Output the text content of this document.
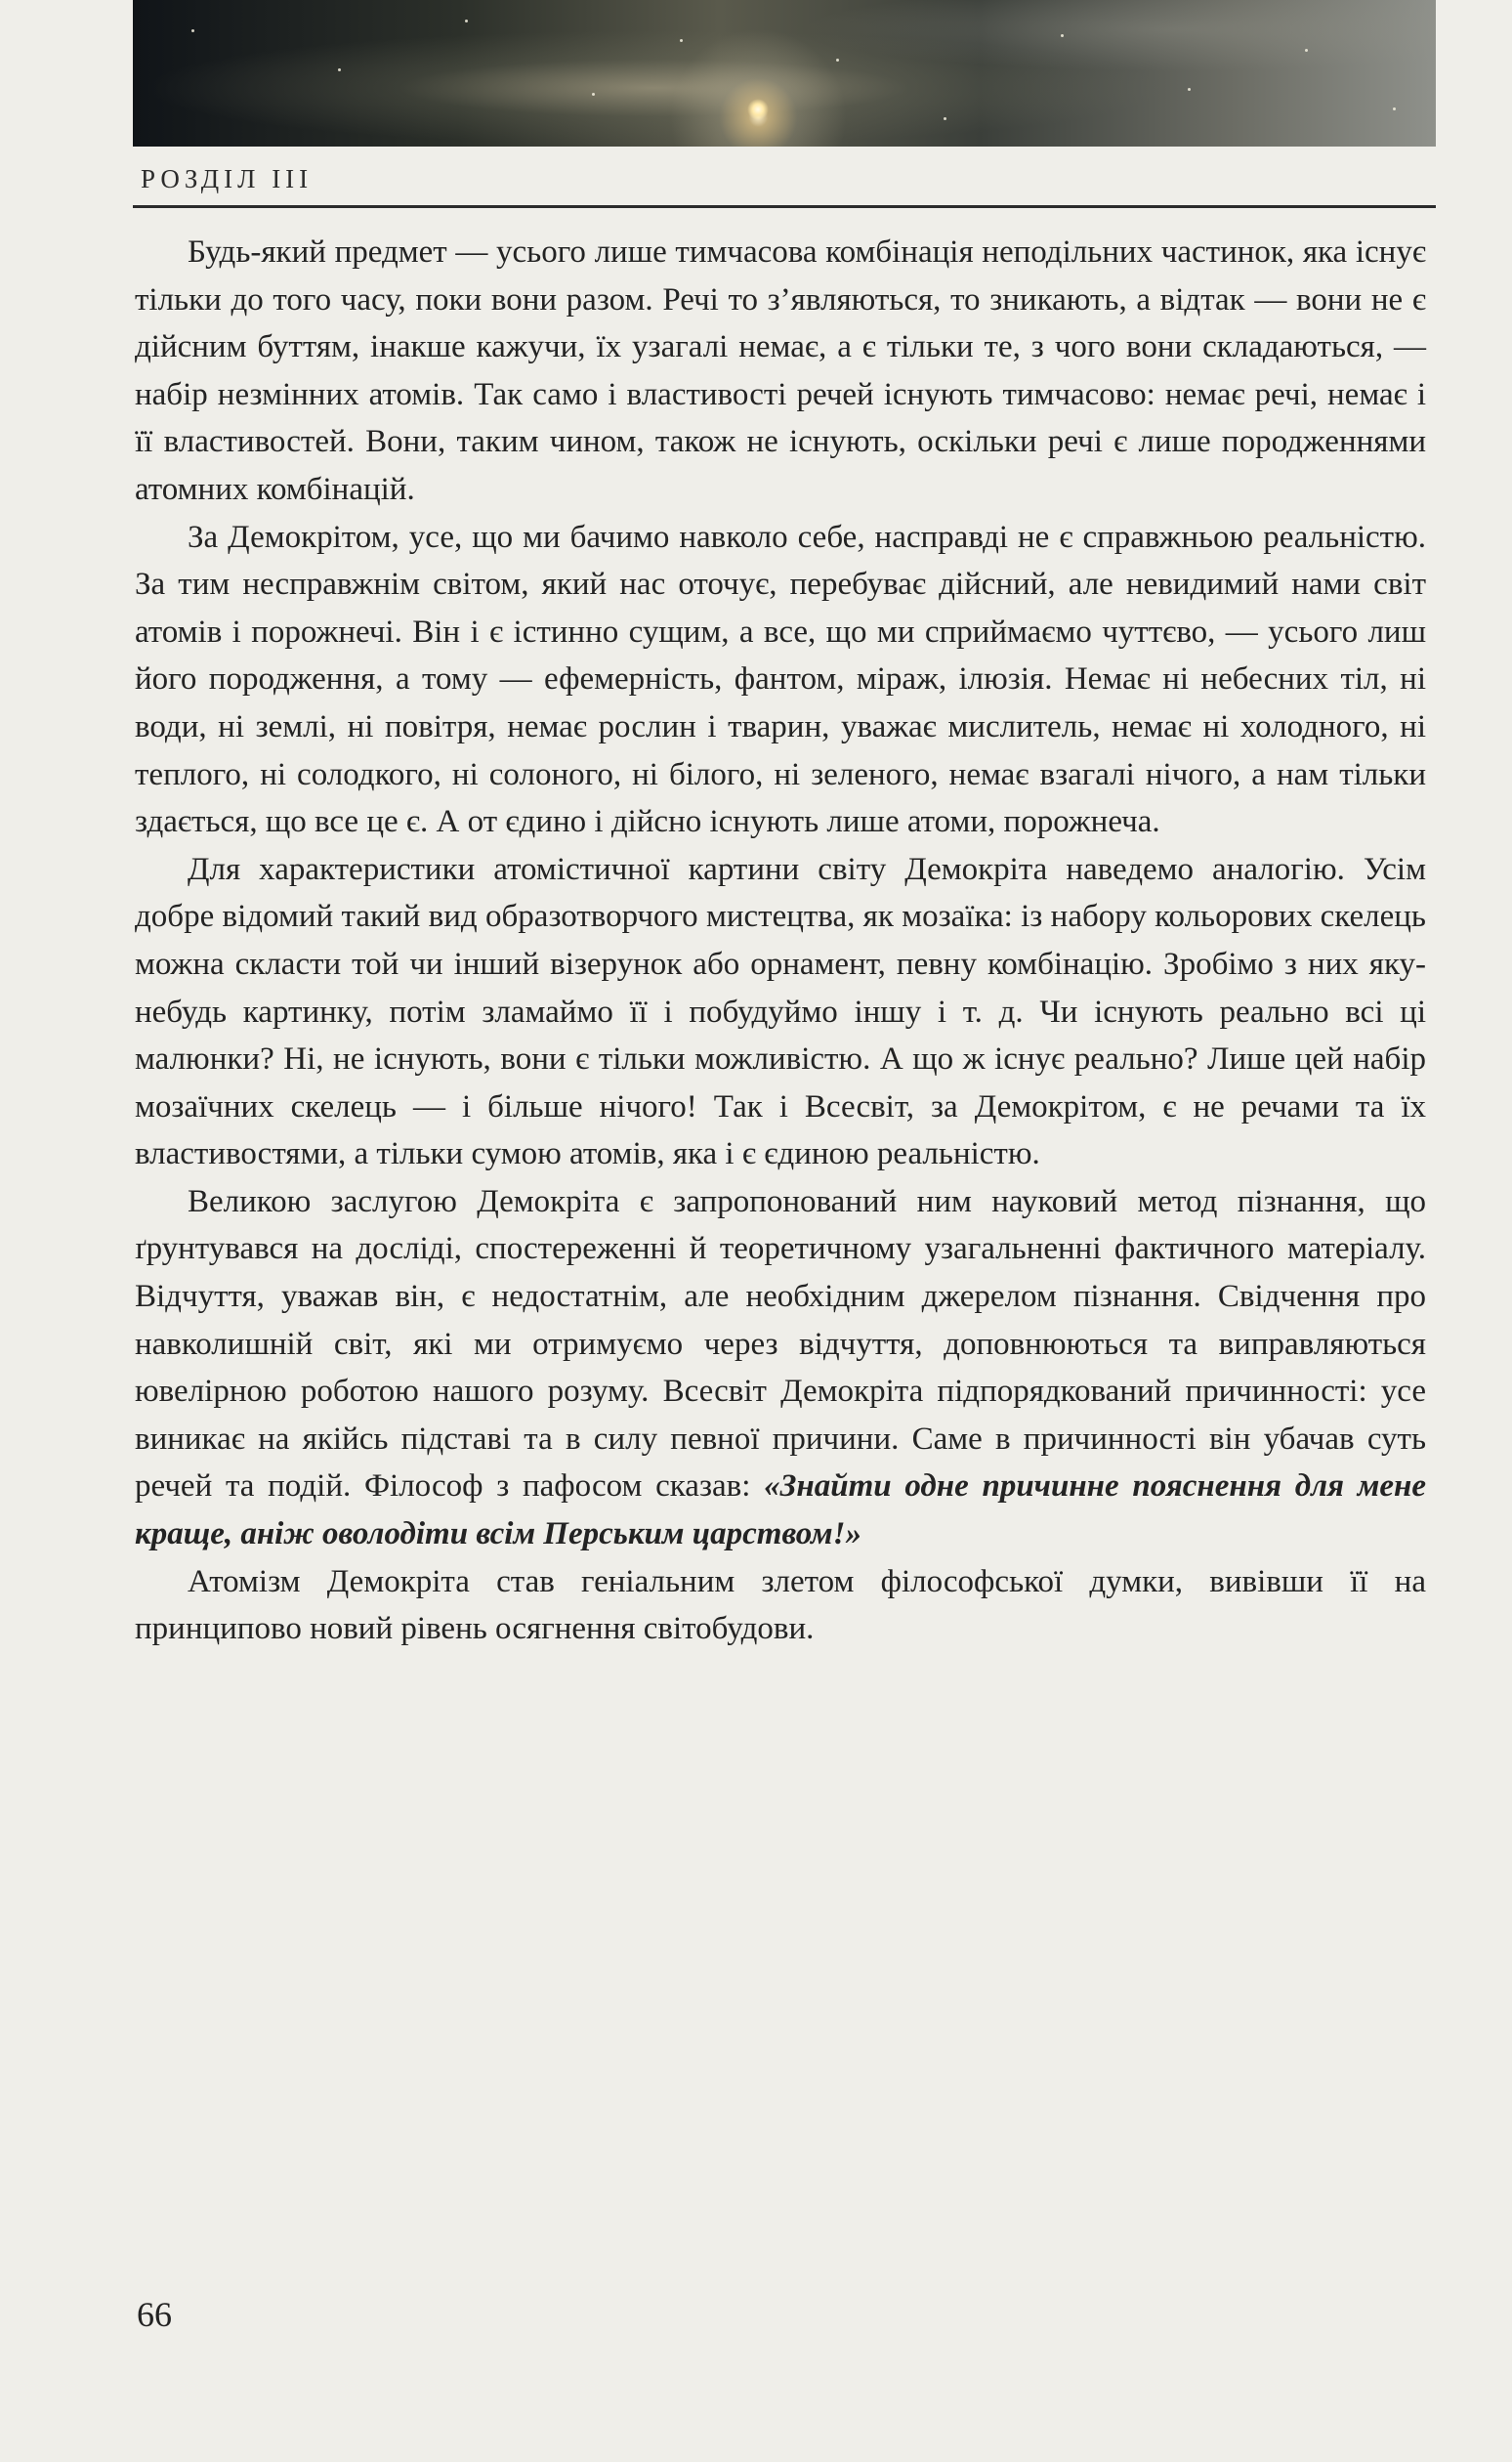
РОЗДІЛ ІІІ

Будь-який предмет — усього лише тимчасова комбінація неподільних частинок, яка існує тільки до того часу, поки вони разом. Речі то з’являються, то зникають, а відтак — вони не є дійсним буттям, інакше кажучи, їх узагалі немає, а є тільки те, з чого вони складаються, — набір незмінних атомів. Так само і властивості речей існують тимчасово: немає речі, немає і її властивостей. Вони, таким чином, також не існують, оскільки речі є лише породженнями атомних комбінацій.

За Демокрітом, усе, що ми бачимо навколо себе, насправді не є справжньою реальністю. За тим несправжнім світом, який нас оточує, перебуває дійсний, але невидимий нами світ атомів і порожнечі. Він і є істинно сущим, а все, що ми сприймаємо чуттєво, — усього лиш його породження, а тому — ефемерність, фантом, міраж, ілюзія. Немає ні небесних тіл, ні води, ні землі, ні повітря, немає рослин і тварин, уважає мислитель, немає ні холодного, ні теплого, ні солодкого, ні солоного, ні білого, ні зеленого, немає взагалі нічого, а нам тільки здається, що все це є. А от єдино і дійсно існують лише атоми, порожнеча.

Для характеристики атомістичної картини світу Демокріта наведемо аналогію. Усім добре відомий такий вид образотворчого мистецтва, як мозаїка: із набору кольорових скелець можна скласти той чи інший візерунок або орнамент, певну комбінацію. Зробімо з них яку-небудь картинку, потім зламаймо її і побудуймо іншу і т. д. Чи існують реально всі ці малюнки? Ні, не існують, вони є тільки можливістю. А що ж існує реально? Лише цей набір мозаїчних скелець — і більше нічого! Так і Всесвіт, за Демокрітом, є не речами та їх властивостями, а тільки сумою атомів, яка і є єдиною реальністю.

Великою заслугою Демокріта є запропонований ним науковий метод пізнання, що ґрунтувався на досліді, спостереженні й теоретичному узагальненні фактичного матеріалу. Відчуття, уважав він, є недостатнім, але необхідним джерелом пізнання. Свідчення про навколишній світ, які ми отримуємо через відчуття, доповнюються та виправляються ювелірною роботою нашого розуму. Всесвіт Демокріта підпорядкований причинності: усе виникає на якійсь підставі та в силу певної причини. Саме в причинності він убачав суть речей та подій. Філософ з пафосом сказав: «Знайти одне причинне пояснення для мене краще, аніж оволодіти всім Перським царством!»

Атомізм Демокріта став геніальним злетом філософської думки, вивівши її на принципово новий рівень осягнення світобудови.

66
